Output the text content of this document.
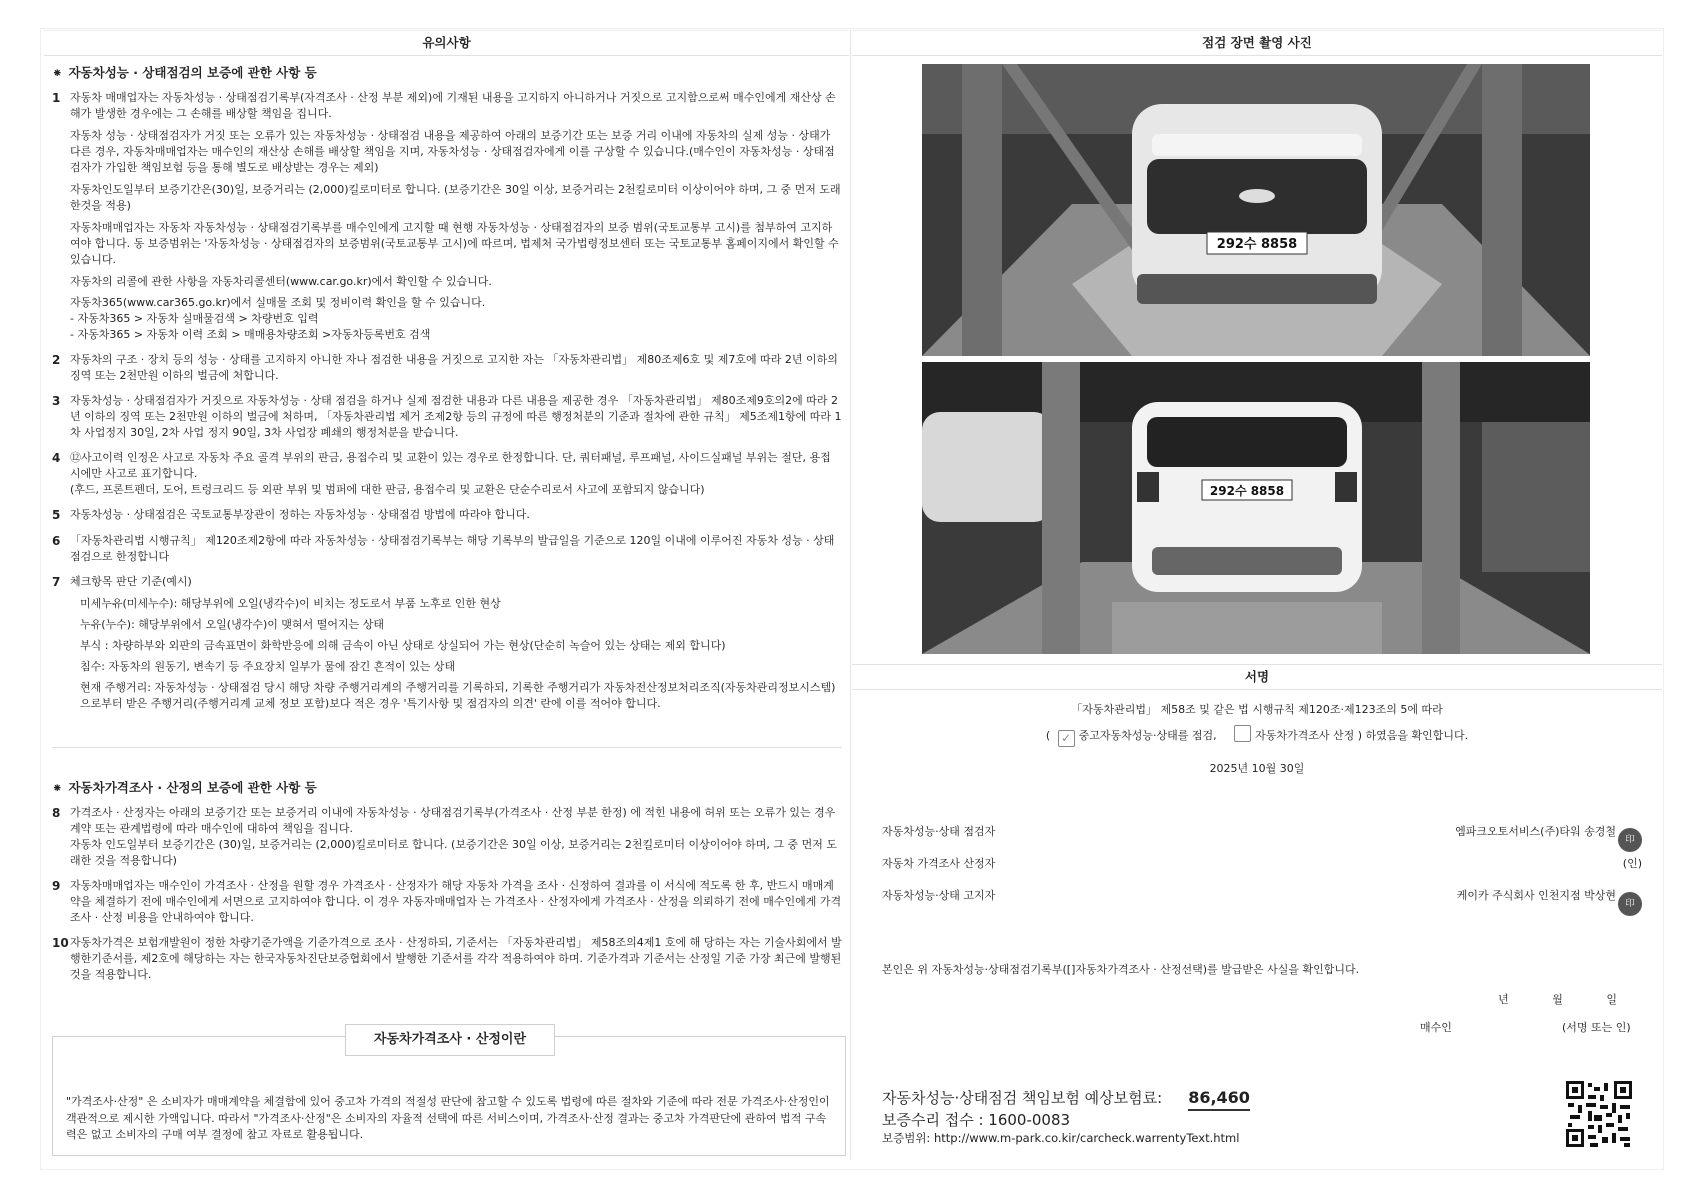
유의사항	점검 장면 촬영 사진
⁕ 자동차성능 · 상태점검의 보증에 관한 사항 등
1 자동차 매매업자는 자동차성능 · 상태점검기록부(자격조사 · 산정 부분 제외)에 기재된 내용을 고지하지 아니하거나 거짓으로 고지함으로써 매수인에게 재산상 손해가 발생한 경우에는 그 손해를 배상할 책임을 집니다.
자동차 성능 · 상태점검자가 거짓 또는 오류가 있는 자동차성능 · 상태점검 내용을 제공하여 아래의 보증기간 또는 보증 거리 이내에 자동차의 실제 성능 · 상태가 다른 경우, 자동차매매업자는 매수인의 재산상 손해를 배상할 책임을 지며, 자동차성능 · 상태점검자에게 이를 구상할 수 있습니다.(매수인이 자동차성능 · 상태점검자가 가입한 책임보험 등을 통해 별도로 배상받는 경우는 제외)
자동차인도일부터 보증기간은(30)일, 보증거리는 (2,000)킬로미터로 합니다. (보증기간은 30일 이상, 보증거리는 2천킬로미터 이상이어야 하며, 그 중 먼저 도래한것을 적용)
자동차매매업자는 자동차 자동차성능 · 상태점검기록부를 매수인에게 고지할 때 현행 자동차성능 · 상태점검자의 보증 범위(국토교통부 고시)를 첨부하여 고지하여야 합니다. 동 보증범위는 '자동차성능 · 상태점검자의 보증범위(국토교통부 고시)에 따르며, 법제처 국가법령정보센터 또는 국토교통부 홈페이지에서 확인할 수 있습니다.
자동차의 리콜에 관한 사항을 자동차리콜센터(www.car.go.kr)에서 확인할 수 있습니다.
자동차365(www.car365.go.kr)에서 실매물 조회 및 정비이력 확인을 할 수 있습니다.
- 자동차365 > 자동차 실매물검색 > 차량번호 입력
- 자동차365 > 자동차 이력 조회 > 매매용차량조회 >자동차등록번호 검색
2 자동차의 구조 · 장치 등의 성능 · 상태를 고지하지 아니한 자나 점검한 내용을 거짓으로 고지한 자는 「자동차관리법」 제80조제6호 및 제7호에 따라 2년 이하의 징역 또는 2천만원 이하의 벌금에 처합니다.
3 자동차성능 · 상태점검자가 거짓으로 자동차성능 · 상태 점검을 하거나 실제 점검한 내용과 다른 내용을 제공한 경우 「자동차관리법」 제80조제9호의2에 따라 2년 이하의 징역 또는 2천만원 이하의 벌금에 처하며, 「자동차관리법 제거 조제2항 등의 규정에 따른 행정처분의 기준과 절차에 관한 규칙」 제5조제1항에 따라 1차 사업정지 30일, 2차 사업 정지 90일, 3차 사업장 폐쇄의 행정처분을 받습니다.
4 ⑫사고이력 인정은 사고로 자동차 주요 골격 부위의 판금, 용접수리 및 교환이 있는 경우로 한정합니다. 단, 쿼터패널, 루프패널, 사이드실패널 부위는 절단, 용접 시에만 사고로 표기합니다.
(후드, 프론트펜더, 도어, 트렁크리드 등 외판 부위 및 범퍼에 대한 판금, 용접수리 및 교환은 단순수리로서 사고에 포함되지 않습니다)
5 자동차성능 · 상태점검은 국토교통부장관이 정하는 자동차성능 · 상태점검 방법에 따라야 합니다.
6 「자동차관리법 시행규칙」 제120조제2항에 따라 자동차성능 · 상태점검기록부는 해당 기록부의 발급일을 기준으로 120일 이내에 이루어진 자동차 성능 · 상태점검으로 한정합니다
7 체크항목 판단 기준(예시)
미세누유(미세누수): 해당부위에 오일(냉각수)이 비치는 정도로서 부품 노후로 인한 현상
누유(누수): 해당부위에서 오일(냉각수)이 맺혀서 떨어지는 상태
부식 : 차량하부와 외판의 금속표면이 화학반응에 의해 금속이 아닌 상태로 상실되어 가는 현상(단순히 녹슬어 있는 상태는 제외 합니다)
침수: 자동차의 원동기, 변속기 등 주요장치 일부가 물에 잠긴 흔적이 있는 상태
현재 주행거리: 자동차성능 · 상태점검 당시 해당 차량 주행거리계의 주행거리를 기록하되, 기록한 주행거리가 자동차전산정보처리조직(자동차관리정보시스템)으로부터 받은 주행거리(주행거리계 교체 정보 포함)보다 적은 경우 '특기사항 및 점검자의 의견' 란에 이를 적어야 합니다.
⁕ 자동차가격조사 · 산정의 보증에 관한 사항 등
8 가격조사 · 산정자는 아래의 보증기간 또는 보증거리 이내에 자동차성능 · 상태점검기록부(가격조사 · 산정 부분 한정) 에 적힌 내용에 허위 또는 오류가 있는 경우 계약 또는 관계법령에 따라 매수인에 대하여 책임을 집니다.
자동차 인도일부터 보증기간은 (30)일, 보증거리는 (2,000)킬로미터로 합니다. (보증기간은 30일 이상, 보증거리는 2천킬로미터 이상이어야 하며, 그 중 먼저 도래한 것을 적용합니다)
9 자동차매매업자는 매수인이 가격조사 · 산정을 원할 경우 가격조사 · 산정자가 해당 자동차 가격을 조사 · 신정하여 결과를 이 서식에 적도록 한 후, 반드시 매매계약을 체결하기 전에 매수인에게 서면으로 고지하여야 합니다. 이 경우 자동자매매업자 는 가격조사 · 산정자에게 가격조사 · 산정을 의뢰하기 전에 매수인에게 가격조사 · 산정 비용을 안내하여야 합니다.
10 자동차가격은 보험개발원이 정한 차량기준가액을 기준가격으로 조사 · 산정하되, 기준서는 「자동차관리법」 제58조의4제1 호에 해 당하는 자는 기술사회에서 발행한기준서를, 제2호에 해당하는 자는 한국자동차진단보증협회에서 발행한 기준서를 각각 적용하여야 하며. 기준가격과 기준서는 산정일 기준 가장 최근에 발행된 것을 적용합니다.
자동차가격조사 · 산정이란
"가격조사·산정" 은 소비자가 매매계약을 체결함에 있어 중고차 가격의 적절성 판단에 참고할 수 있도록 법령에 따른 절차와 기준에 따라 전문 가격조사·산정인이 객관적으로 제시한 가액입니다. 따라서 "가격조사·산정"은 소비자의 자율적 선택에 따른 서비스이며, 가격조사·산정 결과는 중고차 가격판단에 관하여 법적 구속력은 없고 소비자의 구매 여부 결정에 참고 자료로 활용됩니다.
292수 8858
292수 8858
서명
「자동차관리법」 제58조 및 같은 법 시행규칙 제120조·제123조의 5에 따라
( ✓ 중고자동차성능·상태를 점검,	자동차가격조사 산정 ) 하였음을 확인합니다.
2025년 10월 30일
자동차성능·상태 점검자	엠파크오토서비스(주)타워 송경철印
자동차 가격조사 산정자	(인)
자동차성능·상태 고지자	케이카 주식회사 인천지점 박상현印
본인은 위 자동차성능·상태점검기록부([]자동차가격조사 · 산정선택)를 발급받은 사실을 확인합니다.
년 월 일
매수인	(서명 또는 인)
자동차성능·상태점검 책임보험 예상보험료: 86,460
보증수리 접수 : 1600-0083
보증범위: http://www.m-park.co.kir/carcheck.warrentyText.html
